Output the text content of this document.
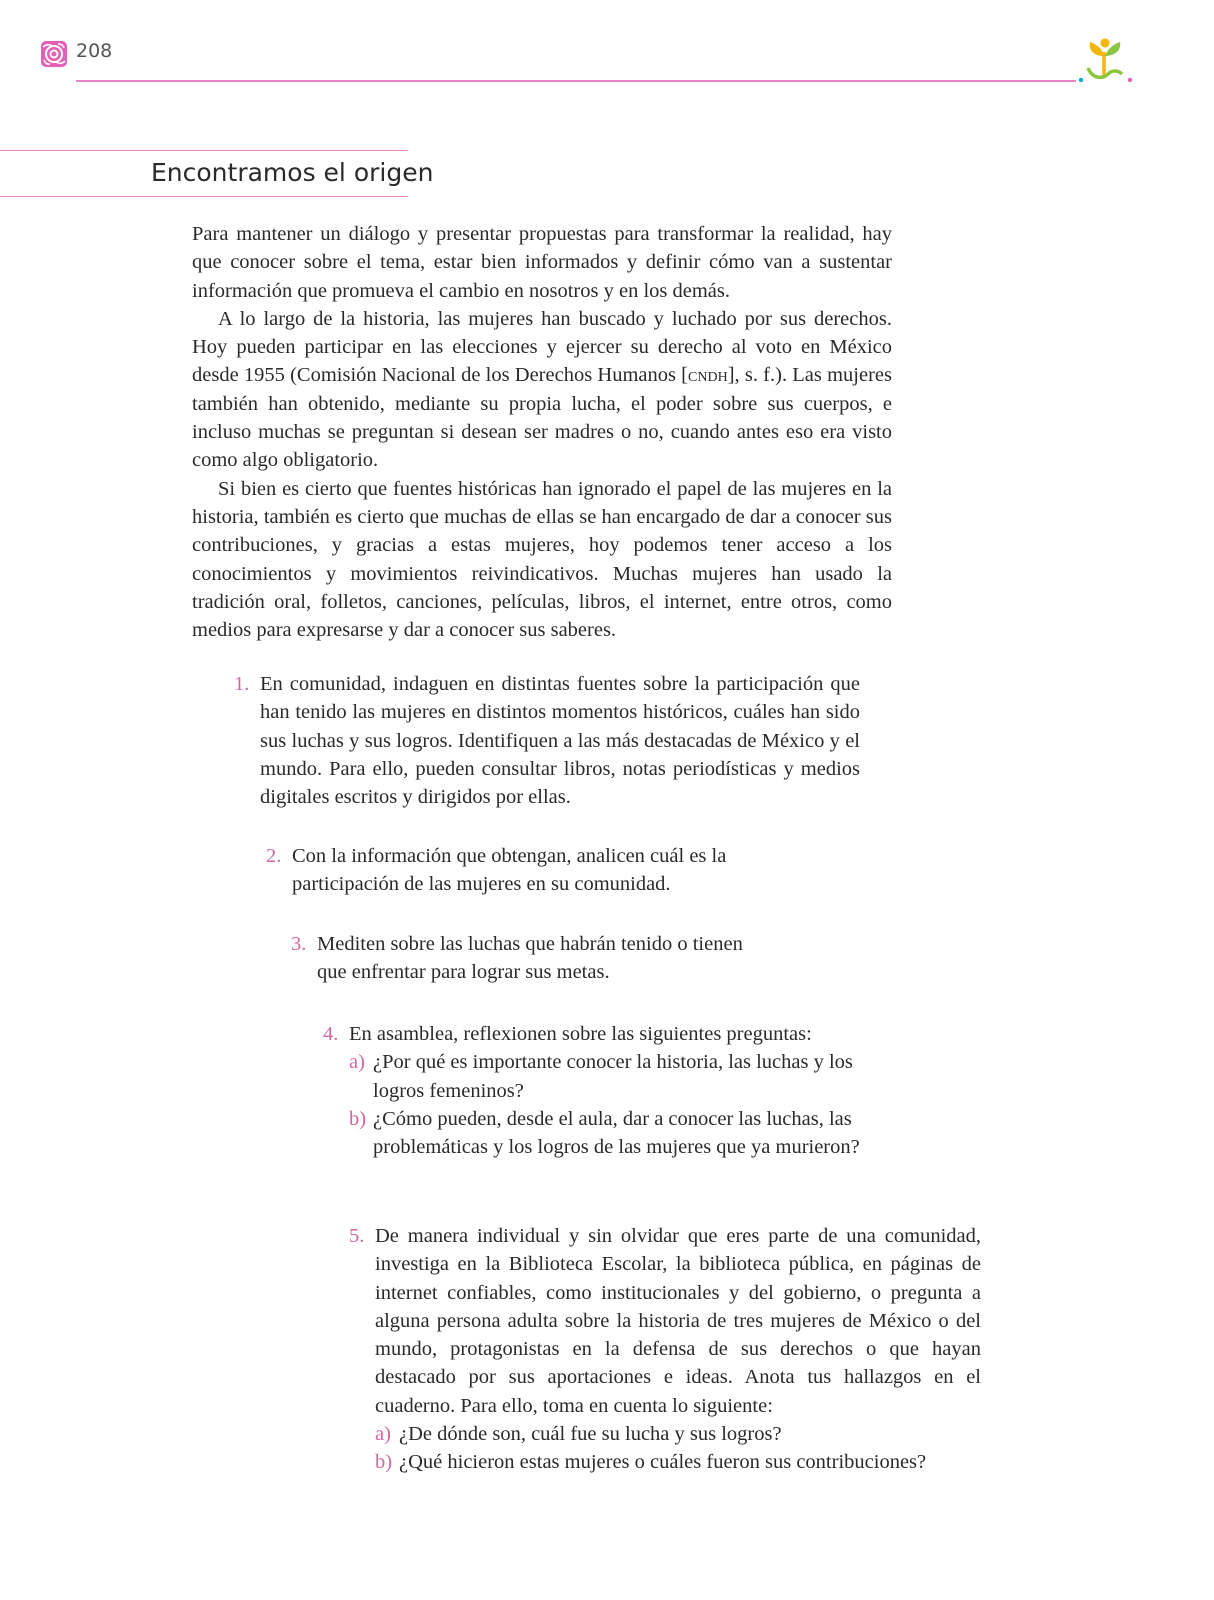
208
Encontramos el origen

Para mantener un diálogo y presentar propuestas para transformar la realidad, hay que conocer sobre el tema, estar bien informados y definir cómo van a sustentar información que promueva el cambio en nosotros y en los demás.

A lo largo de la historia, las mujeres han buscado y luchado por sus derechos. Hoy pueden participar en las elecciones y ejercer su derecho al voto en México desde 1955 (Comisión Nacional de los Derechos Humanos [cndh], s. f.). Las mujeres también han obtenido, mediante su propia lucha, el poder sobre sus cuerpos, e incluso muchas se preguntan si desean ser madres o no, cuando antes eso era visto como algo obligatorio.

Si bien es cierto que fuentes históricas han ignorado el papel de las mujeres en la historia, también es cierto que muchas de ellas se han encargado de dar a conocer sus contribuciones, y gracias a estas mujeres, hoy podemos tener acceso a los conocimientos y movimientos reivindicativos. Muchas mujeres han usado la tradición oral, folletos, canciones, películas, libros, el internet, entre otros, como medios para expresarse y dar a conocer sus saberes.

1. En comunidad, indaguen en distintas fuentes sobre la participación que han tenido las mujeres en distintos momentos históricos, cuáles han sido sus luchas y sus logros. Identifiquen a las más destacadas de México y el mundo. Para ello, pueden consultar libros, notas periodísticas y medios digitales escritos y dirigidos por ellas.

2. Con la información que obtengan, analicen cuál es la participación de las mujeres en su comunidad.

3. Mediten sobre las luchas que habrán tenido o tienen que enfrentar para lograr sus metas.

4. En asamblea, reflexionen sobre las siguientes preguntas:

a) ¿Por qué es importante conocer la historia, las luchas y los logros femeninos?
b) ¿Cómo pueden, desde el aula, dar a conocer las luchas, las problemáticas y los logros de las mujeres que ya murieron?
5. De manera individual y sin olvidar que eres parte de una comunidad, investiga en la Biblioteca Escolar, la biblioteca pública, en páginas de internet confiables, como institucionales y del gobierno, o pregunta a alguna persona adulta sobre la historia de tres mujeres de México o del mundo, protagonistas en la defensa de sus derechos o que hayan destacado por sus aportaciones e ideas. Anota tus hallazgos en el cuaderno. Para ello, toma en cuenta lo siguiente:

a) ¿De dónde son, cuál fue su lucha y sus logros?
b) ¿Qué hicieron estas mujeres o cuáles fueron sus contribuciones?
